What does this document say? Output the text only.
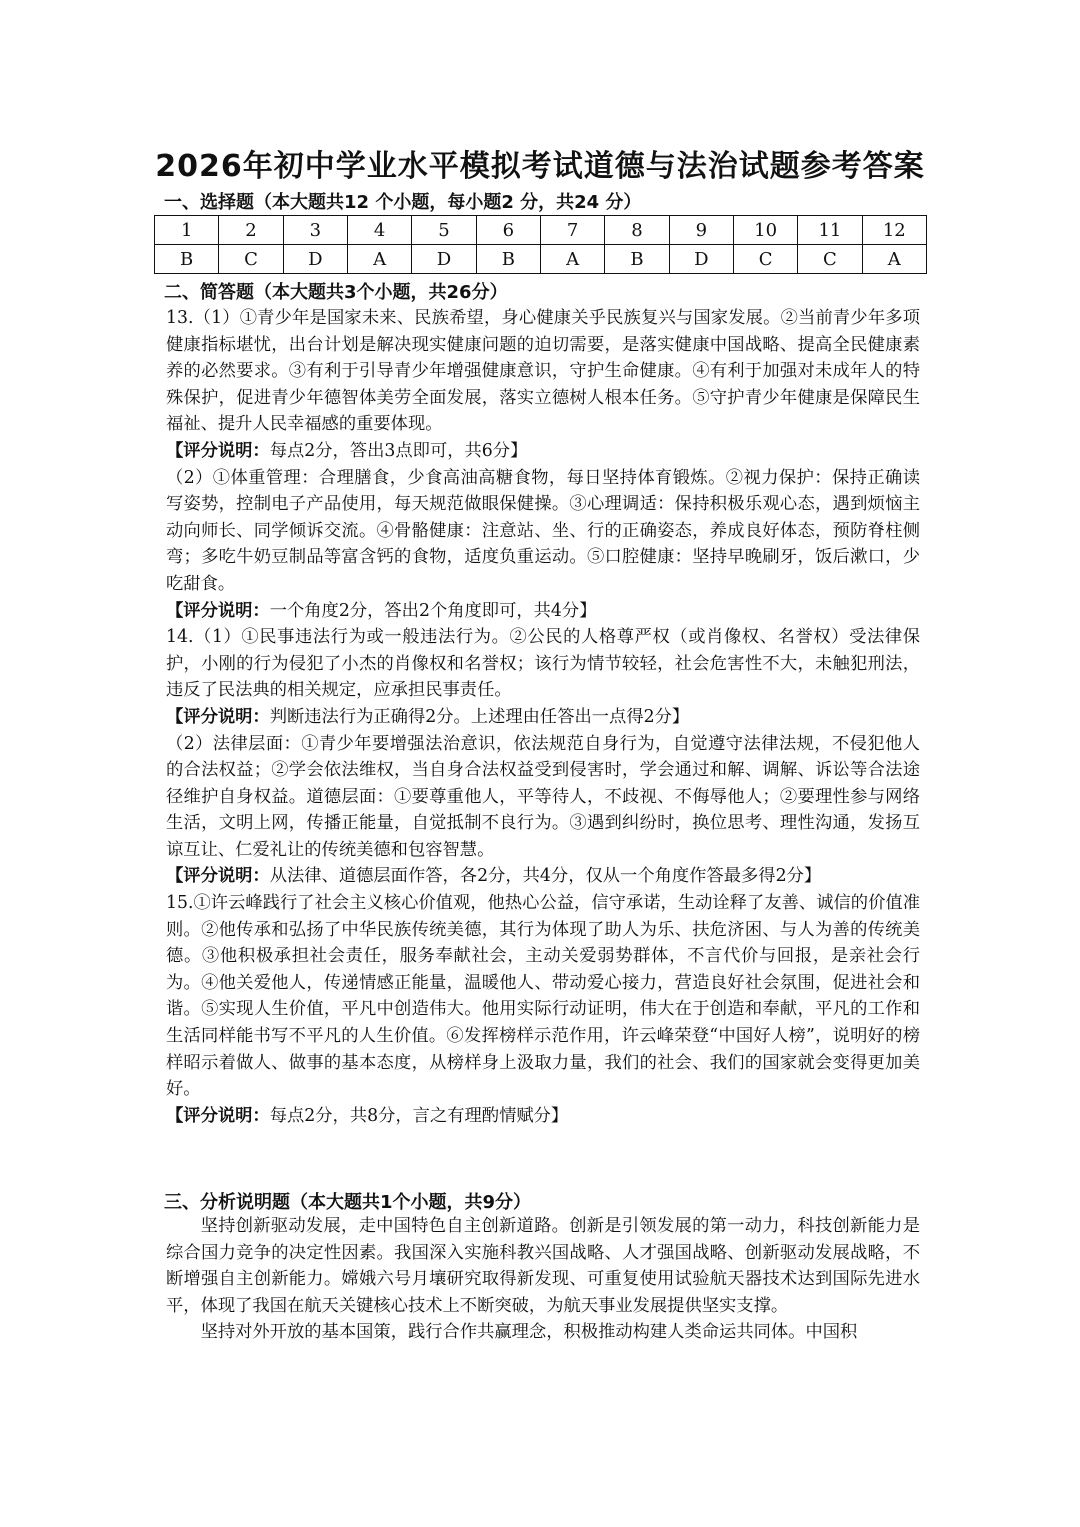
2026年初中学业水平模拟考试道德与法治试题参考答案
一、选择题（本大题共12 个小题，每小题2 分，共24 分）
1	2	3	4	5	6	7	8	9	10	11	12
B	C	D	A	D	B	A	B	D	C	C	A
二、简答题（本大题共3个小题，共26分）

13.（1）①青少年是国家未来、民族希望，身心健康关乎民族复兴与国家发展。②当前青少年多项健康指标堪忧，出台计划是解决现实健康问题的迫切需要，是落实健康中国战略、提高全民健康素养的必然要求。③有利于引导青少年增强健康意识，守护生命健康。④有利于加强对未成年人的特殊保护，促进青少年德智体美劳全面发展，落实立德树人根本任务。⑤守护青少年健康是保障民生福祉、提升人民幸福感的重要体现。

【评分说明：每点2分，答出3点即可，共6分】

（2）①体重管理：合理膳食，少食高油高糖食物，每日坚持体育锻炼。②视力保护：保持正确读写姿势，控制电子产品使用，每天规范做眼保健操。③心理调适：保持积极乐观心态，遇到烦恼主动向师长、同学倾诉交流。④骨骼健康：注意站、坐、行的正确姿态，养成良好体态，预防脊柱侧弯；多吃牛奶豆制品等富含钙的食物，适度负重运动。⑤口腔健康：坚持早晚刷牙，饭后漱口，少吃甜食。

【评分说明：一个角度2分，答出2个角度即可，共4分】

14.（1）①民事违法行为或一般违法行为。②公民的人格尊严权（或肖像权、名誉权）受法律保护，小刚的行为侵犯了小杰的肖像权和名誉权；该行为情节较轻，社会危害性不大，未触犯刑法，违反了民法典的相关规定，应承担民事责任。

【评分说明：判断违法行为正确得2分。上述理由任答出一点得2分】

（2）法律层面：①青少年要增强法治意识，依法规范自身行为，自觉遵守法律法规，不侵犯他人的合法权益；②学会依法维权，当自身合法权益受到侵害时，学会通过和解、调解、诉讼等合法途径维护自身权益。道德层面：①要尊重他人，平等待人，不歧视、不侮辱他人；②要理性参与网络生活，文明上网，传播正能量，自觉抵制不良行为。③遇到纠纷时，换位思考、理性沟通，发扬互谅互让、仁爱礼让的传统美德和包容智慧。

【评分说明：从法律、道德层面作答，各2分，共4分，仅从一个角度作答最多得2分】

15.①许云峰践行了社会主义核心价值观，他热心公益，信守承诺，生动诠释了友善、诚信的价值准则。②他传承和弘扬了中华民族传统美德，其行为体现了助人为乐、扶危济困、与人为善的传统美德。③他积极承担社会责任，服务奉献社会，主动关爱弱势群体，不言代价与回报，是亲社会行为。④他关爱他人，传递情感正能量，温暖他人、带动爱心接力，营造良好社会氛围，促进社会和谐。⑤实现人生价值，平凡中创造伟大。他用实际行动证明，伟大在于创造和奉献，平凡的工作和生活同样能书写不平凡的人生价值。⑥发挥榜样示范作用，许云峰荣登“中国好人榜”，说明好的榜样昭示着做人、做事的基本态度，从榜样身上汲取力量，我们的社会、我们的国家就会变得更加美好。

【评分说明：每点2分，共8分，言之有理酌情赋分】

三、分析说明题（本大题共1个小题，共9分）

坚持创新驱动发展，走中国特色自主创新道路。创新是引领发展的第一动力，科技创新能力是综合国力竞争的决定性因素。我国深入实施科教兴国战略、人才强国战略、创新驱动发展战略，不断增强自主创新能力。嫦娥六号月壤研究取得新发现、可重复使用试验航天器技术达到国际先进水平，体现了我国在航天关键核心技术上不断突破，为航天事业发展提供坚实支撑。

坚持对外开放的基本国策，践行合作共赢理念，积极推动构建人类命运共同体。中国积
